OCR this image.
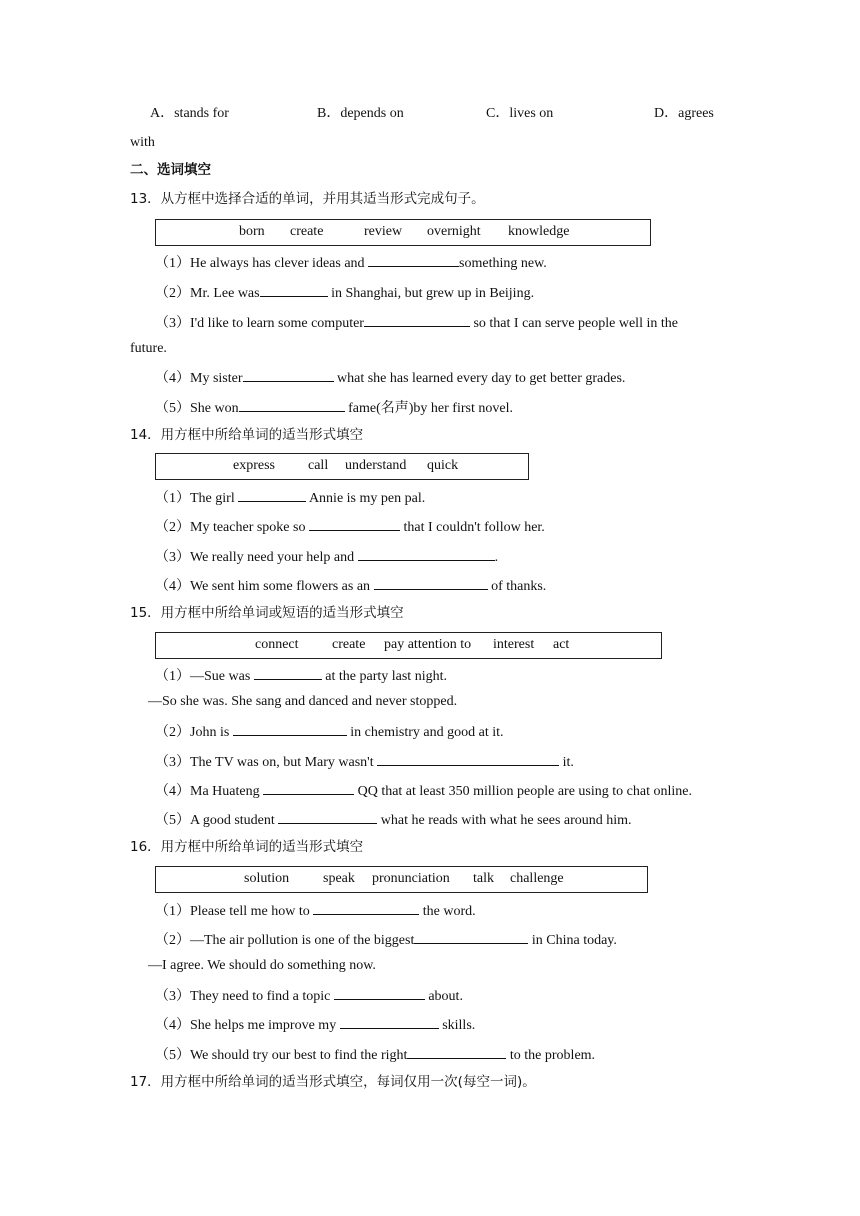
A．stands for	B．depends on	C．lives on	D．agrees
with
二、选词填空
13．从方框中选择合适的单词，并用其适当形式完成句子。
born create	review overnight knowledge
（1）He always has clever ideas and	something new.
（2）Mr. Lee was	in Shanghai, but grew up in Beijing.
（3）I'd like to learn some computer	so that I can serve people well in the
future.
（4）My sister	what she has learned every day to get better grades.
（5）She won	fame(名声)by her first novel.
14．用方框中所给单词的适当形式填空
express call understand quick
（1）The girl	Annie is my pen pal.
（2）My teacher spoke so	that I couldn't follow her.
（3）We really need your help and	.
（4）We sent him some flowers as an	of thanks.
15．用方框中所给单词或短语的适当形式填空
connect create pay attention to interest act
（1）—Sue was	at the party last night.
—So she was. She sang and danced and never stopped.
（2）John is	in chemistry and good at it.
（3）The TV was on, but Mary wasn't	it.
（4）Ma Huateng	QQ that at least 350 million people are using to chat online.
（5）A good student	what he reads with what he sees around him.
16．用方框中所给单词的适当形式填空
solution speak pronunciation talk challenge
（1）Please tell me how to	the word.
（2）—The air pollution is one of the biggest	in China today.
—I agree. We should do something now.
（3）They need to find a topic	about.
（4）She helps me improve my	skills.
（5）We should try our best to find the right	to the problem.
17．用方框中所给单词的适当形式填空，每词仅用一次(每空一词)。
